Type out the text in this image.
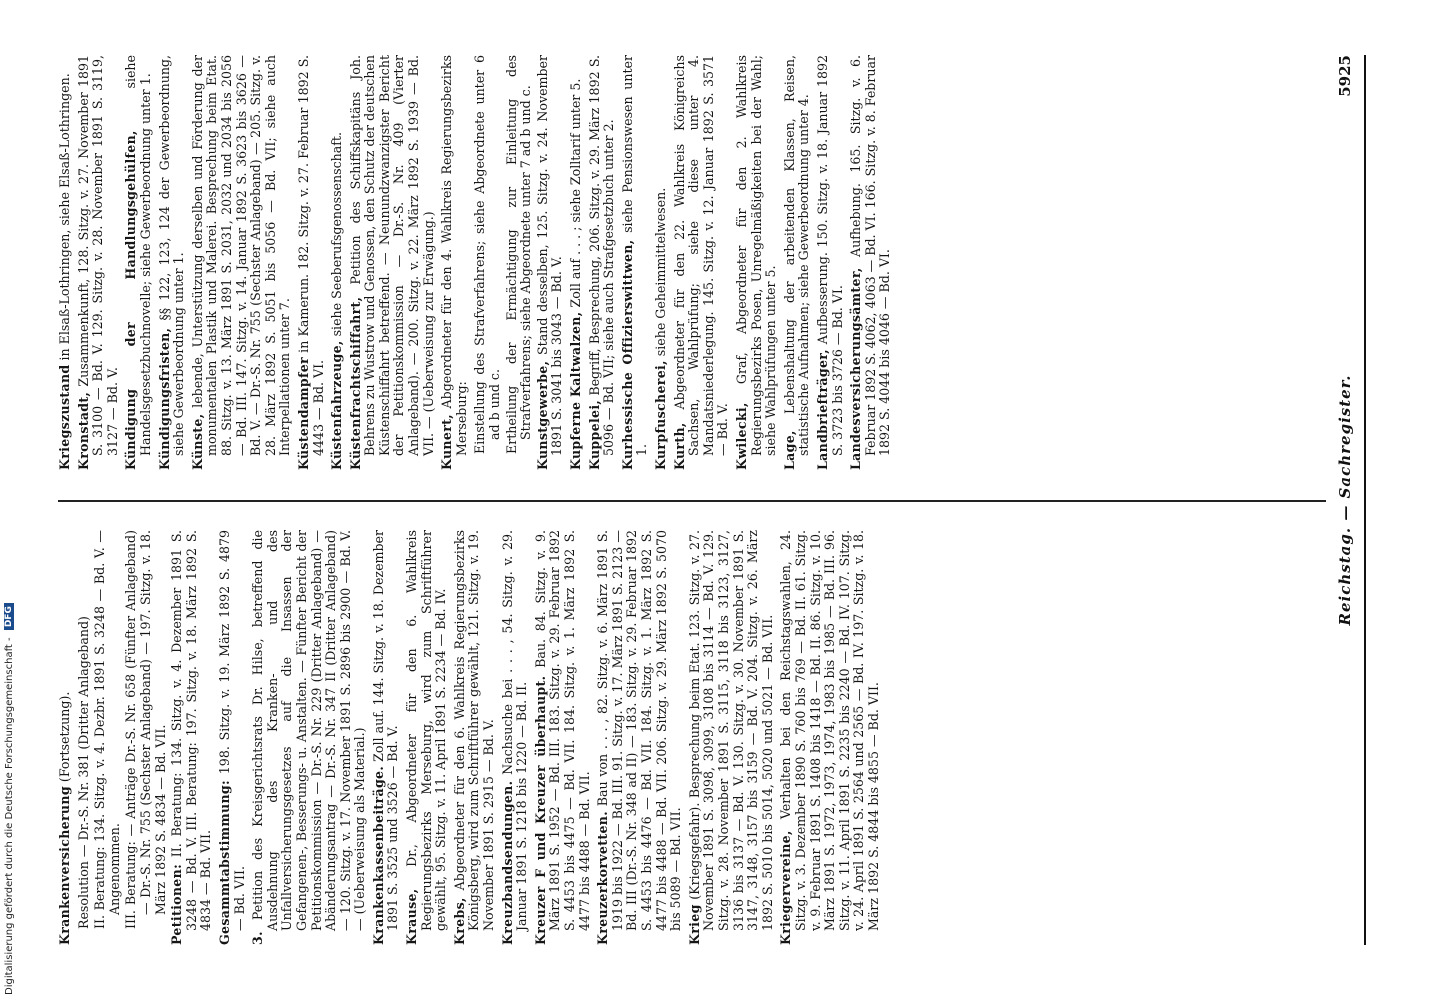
Reichstag. — Sachregister.
5925

Krankenversicherung (Fortsetzung). Resolution — Dr.-S. Nr. 381 (Dritter Anlageband) II. Beratung: 134. Sitzg. v. 4. Dezbr. 1891 S. 3248 — Bd. V. — Angenommen. III. Beratung: — Anträge Dr.-S. Nr. 658 (Fünfter Anlageband) — Dr.-S. Nr. 755 (Sechster Anlageband) — 197. Sitzg. v. 18. März 1892 S. 4834 — Bd. VII. Petitionen: II. Beratung: 134. Sitzg. v. 4. Dezember 1891 S. 3248 — Bd. V. III. Beratung: 197. Sitzg. v. 18. März 1892 S. 4834 — Bd. VII. Gesammtabstimmung: 198. Sitzg. v. 19. März 1892 S. 4879 — Bd. VII.

3. Petition des Kreisgerichtsrats Dr. Hilse, betreffend die Ausdehnung des Kranken- und des Unfallversicherungsgesetzes auf die Insassen der Gefangenen-, Besserungs- u. Anstalten. — Fünfter Bericht der Petitionskommission — Dr.-S. Nr. 229 (Dritter Anlageband) — Abänderungsantrag — Dr.-S. Nr. 347 II (Dritter Anlageband) — 120. Sitzg. v. 17. November 1891 S. 2896 bis 2900 — Bd. V. — (Ueberweisung als Material.) Krankenkassenbeiträge. Zoll auf. 144. Sitzg. v. 18. Dezember 1891 S. 3525 und 3526 — Bd. V. Krause, Dr., Abgeordneter für den 6. Wahlkreis Regierungsbezirks Merseburg, wird zum Schriftführer gewählt, 95. Sitzg. v. 11. April 1891 S. 2234 — Bd. IV. Krebs, Abgeordneter für den 6. Wahlkreis Regierungsbezirks Königsberg, wird zum Schriftführer gewählt, 121. Sitzg. v. 19. November 1891 S. 2915 — Bd. V. Kreuzbandsendungen. Nachsuche bei . . . , 54. Sitzg. v. 29. Januar 1891 S. 1218 bis 1220 — Bd. II. Kreuzer F und Kreuzer überhaupt. Bau. 84. Sitzg. v. 9. März 1891 S. 1952 — Bd. III. 183. Sitzg. v. 29. Februar 1892 S. 4453 bis 4475 — Bd. VII. 184. Sitzg. v. 1. März 1892 S. 4477 bis 4488 — Bd. VII. Kreuzerkorvetten. Bau von . . . , 82. Sitzg. v. 6. März 1891 S. 1919 bis 1922 — Bd. III. 91. Sitzg. v. 17. März 1891 S. 2123 — Bd. III (Dr.-S. Nr. 348 ad II) — 183. Sitzg. v. 29. Februar 1892 S. 4453 bis 4476 — Bd. VII. 184. Sitzg. v. 1. März 1892 S. 4477 bis 4488 — Bd. VII. 206. Sitzg. v. 29. März 1892 S. 5070 bis 5089 — Bd. VII. Krieg (Kriegsgefahr). Besprechung beim Etat. 123. Sitzg. v. 27. November 1891 S. 3098, 3099, 3108 bis 3114 — Bd. V. 129. Sitzg. v. 28. November 1891 S. 3115, 3118 bis 3123, 3127, 3136 bis 3137 — Bd. V. 130. Sitzg. v. 30. November 1891 S. 3147, 3148, 3157 bis 3159 — Bd. V. 204. Sitzg. v. 26. März 1892 S. 5010 bis 5014, 5020 und 5021 — Bd. VII. Kriegervereine, Verhalten bei den Reichstagswahlen, 24. Sitzg. v. 3. Dezember 1890 S. 760 bis 769 — Bd. II. 61. Sitzg. v. 9. Februar 1891 S. 1408 bis 1418 — Bd. II. 86. Sitzg. v. 10. März 1891 S. 1972, 1973, 1974, 1983 bis 1985 — Bd. III. 96. Sitzg. v. 11. April 1891 S. 2235 bis 2240 — Bd. IV. 107. Sitzg. v. 24. April 1891 S. 2564 und 2565 — Bd. IV. 197. Sitzg. v. 18. März 1892 S. 4844 bis 4855 — Bd. VII.

Kriegszustand in Elsaß-Lothringen, siehe Elsaß-Lothringen.

Kronstadt, Zusammenkunft, 128. Sitzg. v. 27. November 1891 S. 3100 — Bd. V. 129. Sitzg. v. 28. November 1891 S. 3119, 3127 — Bd. V. Kündigung der Handlungsgehülfen, siehe Handelsgesetzbuchnovelle; siehe Gewerbeordnung unter 1. Kündigungsfristen, §§ 122, 123, 124 der Gewerbeordnung, siehe Gewerbeordnung unter 1. Künste, lebende, Unterstützung derselben und Förderung der monumentalen Plastik und Malerei. Besprechung beim Etat. 88. Sitzg. v. 13. März 1891 S. 2031, 2032 und 2034 bis 2056 — Bd. III. 147. Sitzg. v. 14. Januar 1892 S. 3623 bis 3626 — Bd. V. — Dr.-S. Nr. 755 (Sechster Anlageband) — 205. Sitzg. v. 28. März 1892 S. 5051 bis 5056 — Bd. VII; siehe auch Interpellationen unter 7. Küstendampfer in Kamerun. 182. Sitzg. v. 27. Februar 1892 S. 4443 — Bd. VI. Küstenfahrzeuge, siehe Seeberufsgenossenschaft.

Küstenfrachtschiffahrt, Petition des Schiffskapitäns Joh. Behrens zu Wustrow und Genossen, den Schutz der deutschen Küstenschiffahrt betreffend. — Neunundzwanzigster Bericht der Petitionskommission — Dr.-S. Nr. 409 (Vierter Anlageband). — 200. Sitzg. v. 22. März 1892 S. 1939 — Bd. VII. — (Ueberweisung zur Erwägung.) Kunert, Abgeordneter für den 4. Wahlkreis Regierungsbezirks Merseburg: Einstellung des Strafverfahrens; siehe Abgeordnete unter 6 ad b und c. Ertheilung der Ermächtigung zur Einleitung des Strafverfahrens; siehe Abgeordnete unter 7 ad b und c. Kunstgewerbe, Stand desselben, 125. Sitzg. v. 24. November 1891 S. 3041 bis 3043 — Bd. V. Kupferne Kaltwalzen, Zoll auf . . . ; siehe Zolltarif unter 5.

Kuppelei, Begriff, Besprechung, 206. Sitzg. v. 29. März 1892 S. 5096 — Bd. VII; siehe auch Strafgesetzbuch unter 2. Kurhessische Offizierswittwen, siehe Pensionswesen unter 1. Kurpfuscherei, siehe Geheimmittelwesen.

Kurth, Abgeordneter für den 22. Wahlkreis Königreichs Sachsen, Wahlprüfung; siehe diese unter 4. Mandatsniederlegung. 145. Sitzg. v. 12. Januar 1892 S. 3571 — Bd. V. Kwilecki, Graf, Abgeordneter für den 2. Wahlkreis Regierungsbezirks Posen, Unregelmäßigkeiten bei der Wahl; siehe Wahlprüfungen unter 5. Lage, Lebenshaltung der arbeitenden Klassen, Reisen, statistische Aufnahmen; siehe Gewerbeordnung unter 4. Landbriefträger, Aufbesserung. 150. Sitzg. v. 18. Januar 1892 S. 3723 bis 3726 — Bd. VI. Landesversicherungsämter, Aufhebung. 165. Sitzg. v. 6. Februar 1892 S. 4062, 4063 — Bd. VI. 166. Sitzg. v. 8. Februar 1892 S. 4044 bis 4046 — Bd. VI.

Digitalisierung gefördert durch die Deutsche Forschungsgemeinschaft - DFG
